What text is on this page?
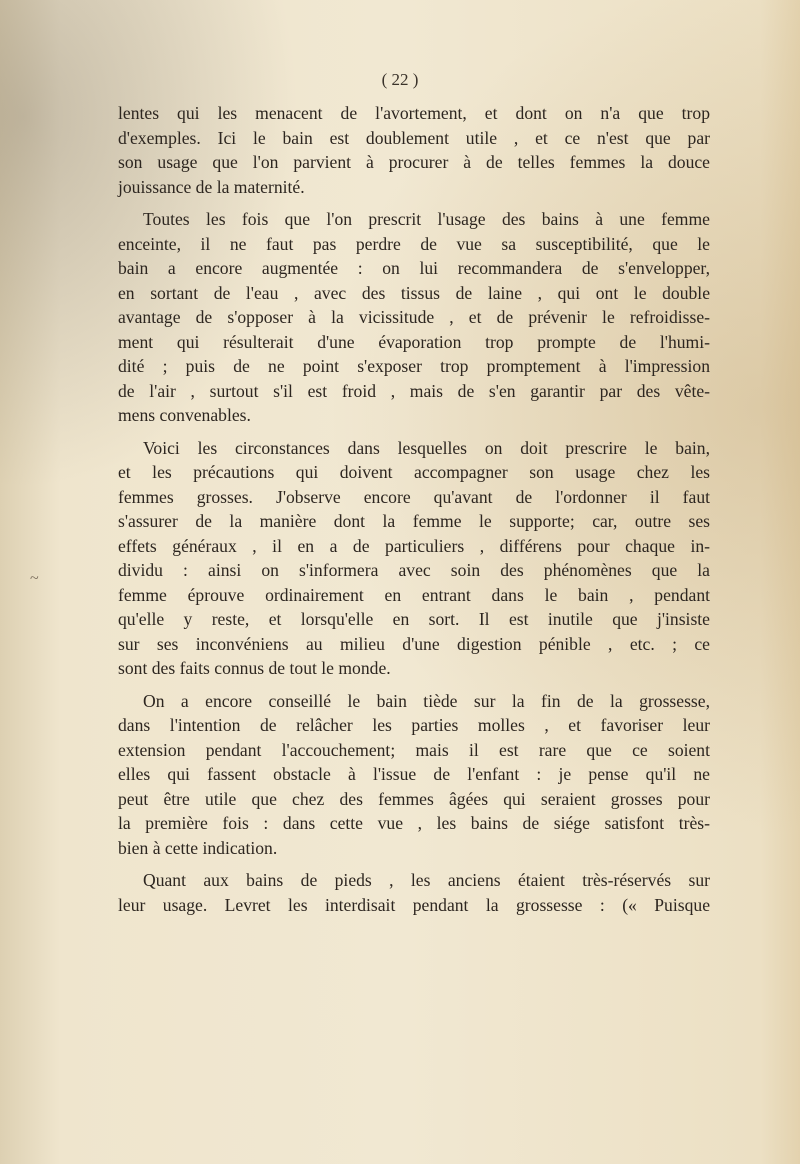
( 22 )
~
lentes qui les menacent de l'avortement, et dont on n'a que trop
d'exemples. Ici le bain est doublement utile , et ce n'est que par
son usage que l'on parvient à procurer à de telles femmes la douce
jouissance de la maternité.
Toutes les fois que l'on prescrit l'usage des bains à une femme
enceinte, il ne faut pas perdre de vue sa susceptibilité, que le
bain a encore augmentée : on lui recommandera de s'envelopper,
en sortant de l'eau , avec des tissus de laine , qui ont le double
avantage de s'opposer à la vicissitude , et de prévenir le refroidisse-
ment qui résulterait d'une évaporation trop prompte de l'humi-
dité ; puis de ne point s'exposer trop promptement à l'impression
de l'air , surtout s'il est froid , mais de s'en garantir par des vête-
mens convenables.
Voici les circonstances dans lesquelles on doit prescrire le bain,
et les précautions qui doivent accompagner son usage chez les
femmes grosses. J'observe encore qu'avant de l'ordonner il faut
s'assurer de la manière dont la femme le supporte; car, outre ses
effets généraux , il en a de particuliers , différens pour chaque in-
dividu : ainsi on s'informera avec soin des phénomènes que la
femme éprouve ordinairement en entrant dans le bain , pendant
qu'elle y reste, et lorsqu'elle en sort. Il est inutile que j'insiste
sur ses inconvéniens au milieu d'une digestion pénible , etc. ; ce
sont des faits connus de tout le monde.
On a encore conseillé le bain tiède sur la fin de la grossesse,
dans l'intention de relâcher les parties molles , et favoriser leur
extension pendant l'accouchement; mais il est rare que ce soient
elles qui fassent obstacle à l'issue de l'enfant : je pense qu'il ne
peut être utile que chez des femmes âgées qui seraient grosses pour
la première fois : dans cette vue , les bains de siége satisfont très-
bien à cette indication.
Quant aux bains de pieds , les anciens étaient très-réservés sur
leur usage. Levret les interdisait pendant la grossesse : (« Puisque
